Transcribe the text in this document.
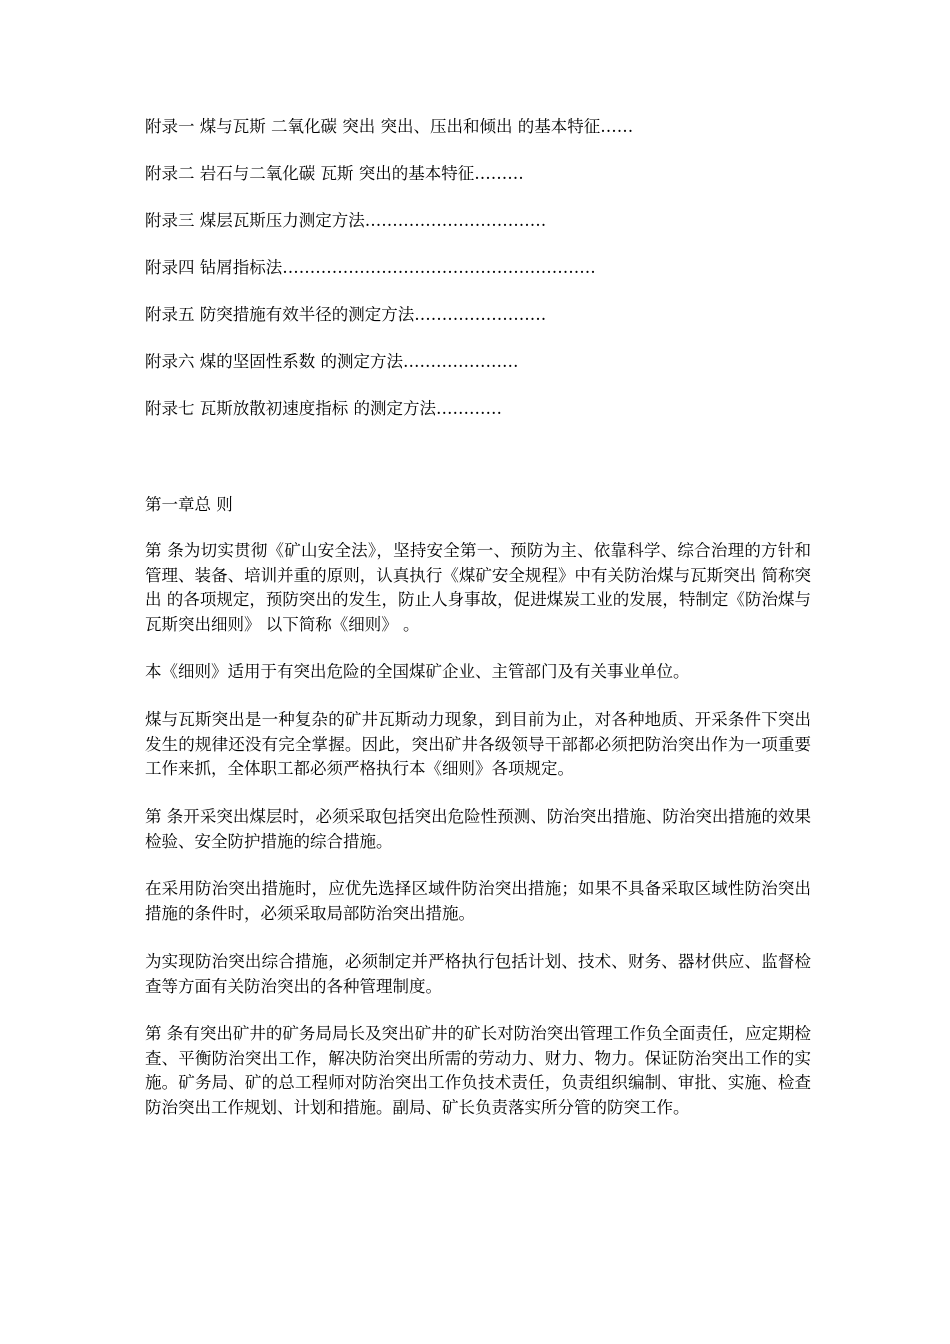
附录一 煤与瓦斯 二氧化碳 突出 突出、压出和倾出 的基本特征……
附录二 岩石与二氧化碳 瓦斯 突出的基本特征………
附录三 煤层瓦斯压力测定方法……………………………
附录四 钻屑指标法…………………………………………………
附录五 防突措施有效半径的测定方法……………………
附录六 煤的坚固性系数 的测定方法…………………
附录七 瓦斯放散初速度指标 的测定方法…………
第一章总 则

第 条为切实贯彻《矿山安全法》，坚持安全第一、预防为主、依靠科学、综合治理的方针和管理、装备、培训并重的原则，认真执行《煤矿安全规程》中有关防治煤与瓦斯突出 简称突出 的各项规定，预防突出的发生，防止人身事故，促进煤炭工业的发展，特制定《防治煤与瓦斯突出细则》 以下简称《细则》 。

本《细则》适用于有突出危险的全国煤矿企业、主管部门及有关事业单位。

煤与瓦斯突出是一种复杂的矿井瓦斯动力现象，到目前为止，对各种地质、开采条件下突出发生的规律还没有完全掌握。因此，突出矿井各级领导干部都必须把防治突出作为一项重要工作来抓，全体职工都必须严格执行本《细则》各项规定。

第 条开采突出煤层时，必须采取包括突出危险性预测、防治突出措施、防治突出措施的效果检验、安全防护措施的综合措施。

在采用防治突出措施时，应优先选择区域件防治突出措施；如果不具备采取区域性防治突出措施的条件时，必须采取局部防治突出措施。

为实现防治突出综合措施，必须制定并严格执行包括计划、技术、财务、器材供应、监督检查等方面有关防治突出的各种管理制度。

第 条有突出矿井的矿务局局长及突出矿井的矿长对防治突出管理工作负全面责任，应定期检查、平衡防治突出工作，解决防治突出所需的劳动力、财力、物力。保证防治突出工作的实施。矿务局、矿的总工程师对防治突出工作负技术责任，负责组织编制、审批、实施、检查防治突出工作规划、计划和措施。副局、矿长负责落实所分管的防突工作。
